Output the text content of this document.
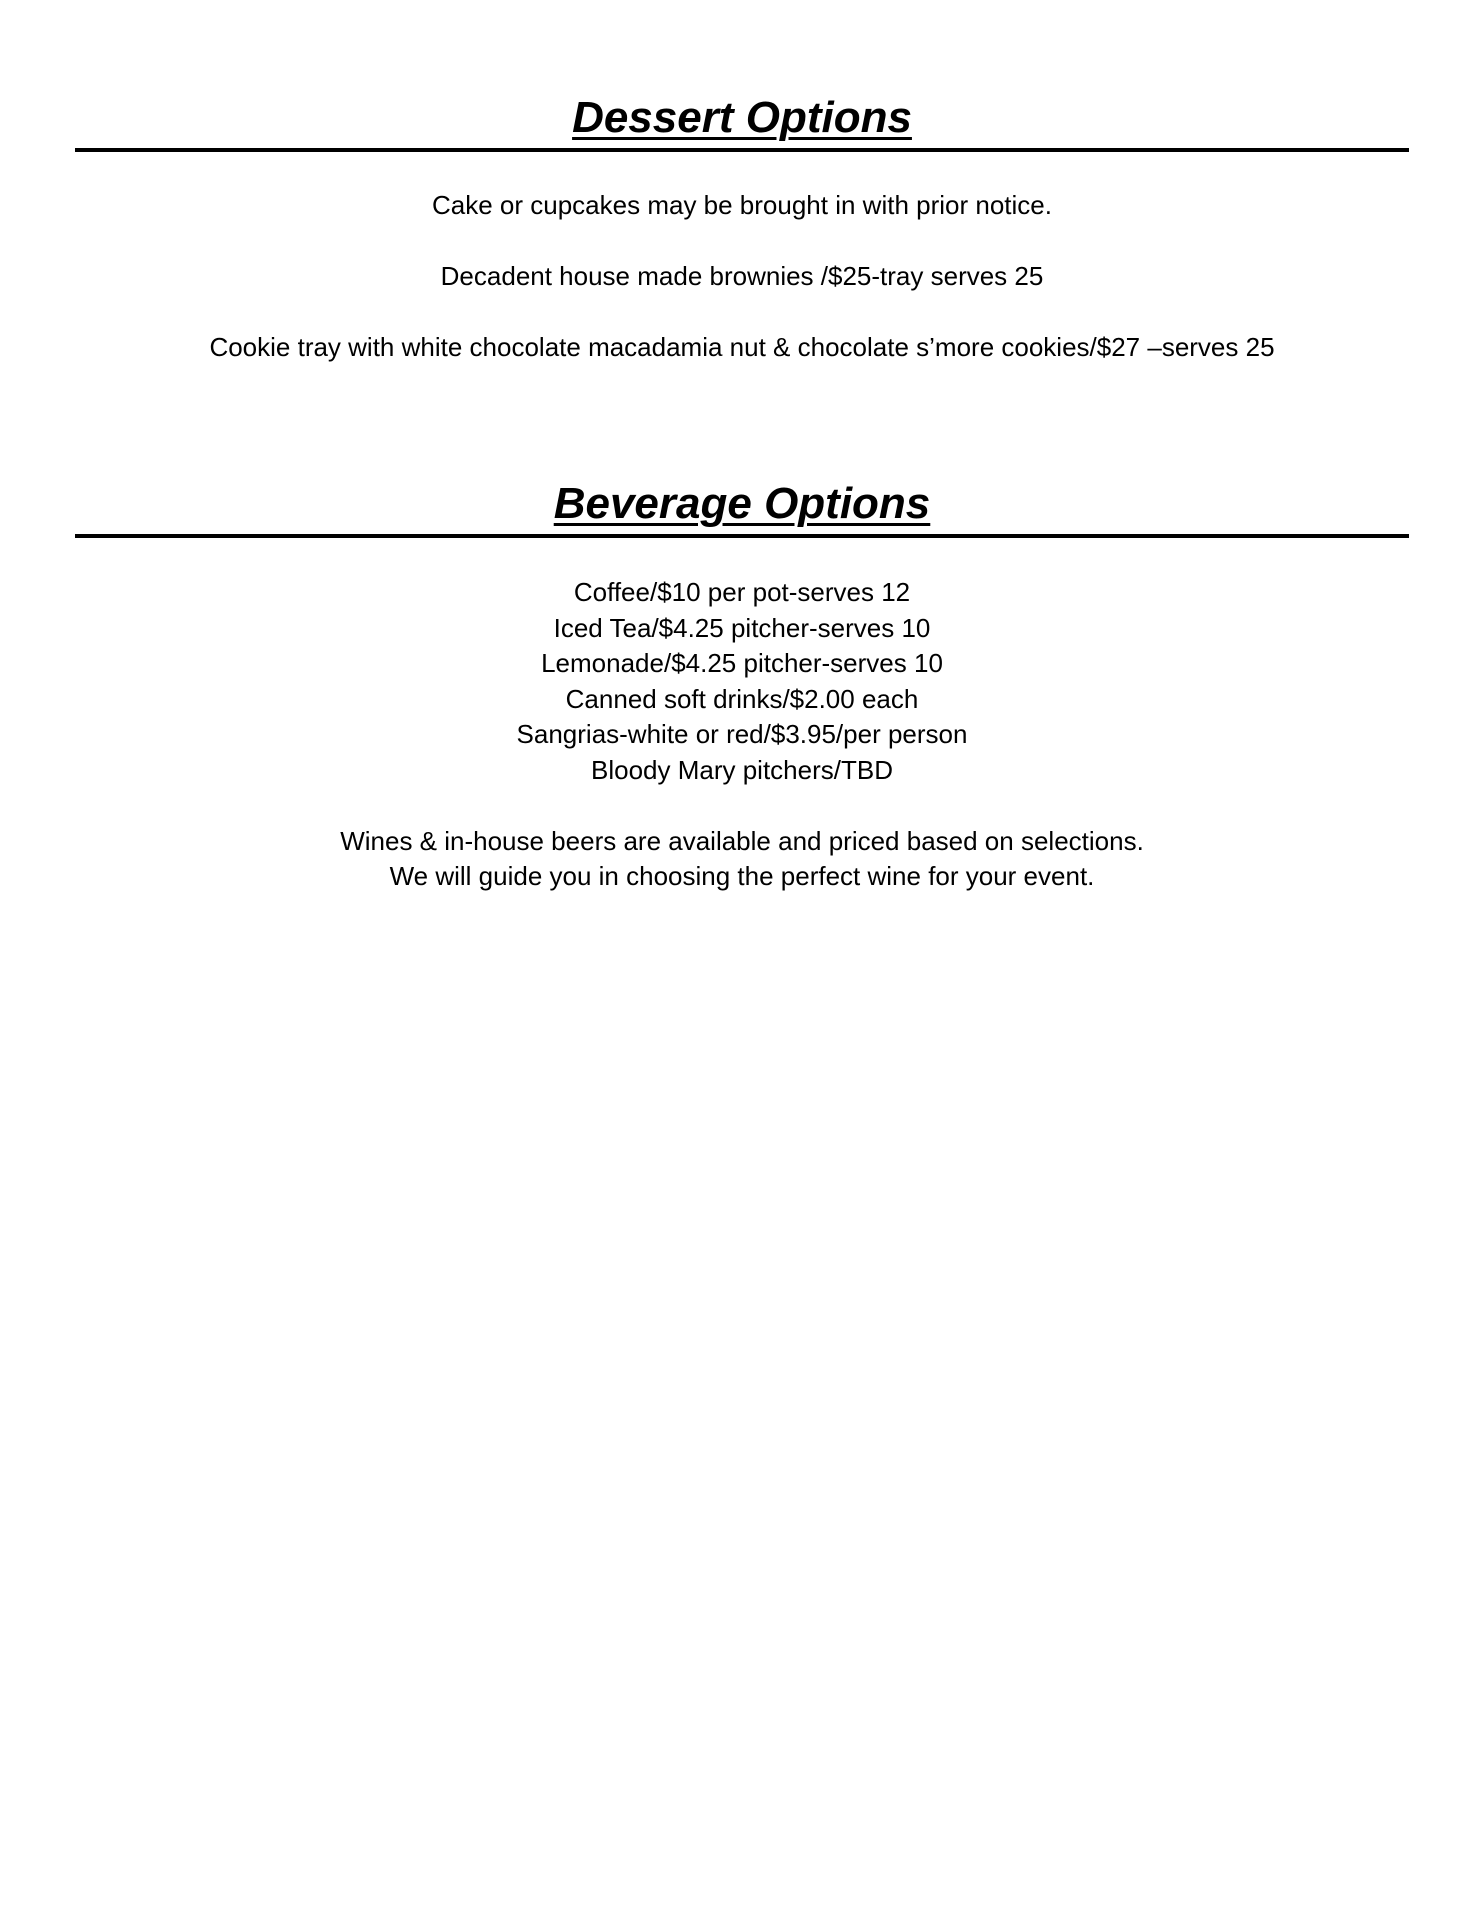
Dessert Options
Cake or cupcakes may be brought in with prior notice.
Decadent house made brownies /$25-tray serves 25
Cookie tray with white chocolate macadamia nut & chocolate s’more cookies/$27 –serves 25
Beverage Options
Coffee/$10 per pot-serves 12
Iced Tea/$4.25 pitcher-serves 10
Lemonade/$4.25 pitcher-serves 10
Canned soft drinks/$2.00 each
Sangrias-white or red/$3.95/per person
Bloody Mary pitchers/TBD
Wines & in-house beers are available and priced based on selections.
We will guide you in choosing the perfect wine for your event.
